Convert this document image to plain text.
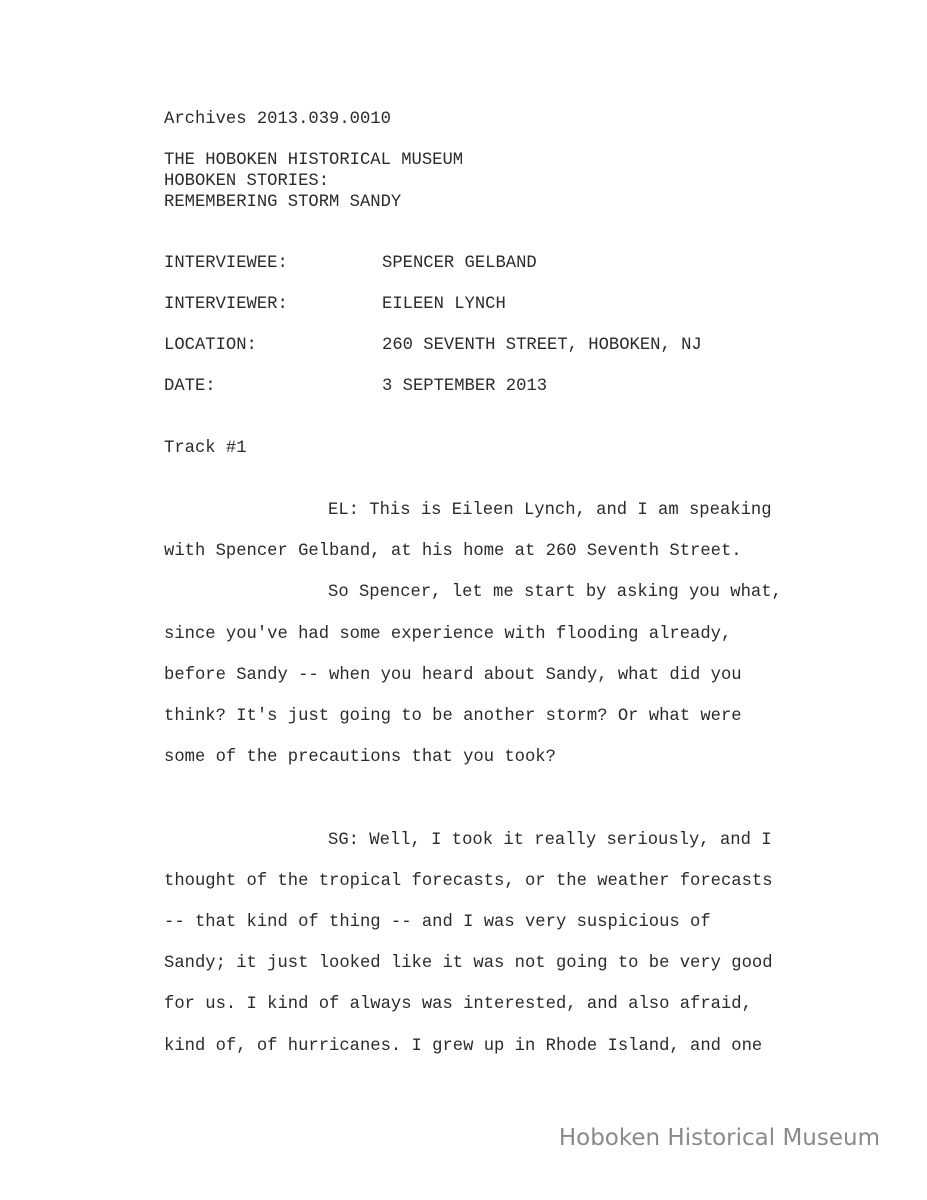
Archives 2013.039.0010
THE HOBOKEN HISTORICAL MUSEUM
HOBOKEN STORIES:
REMEMBERING STORM SANDY
INTERVIEWEE:	SPENCER GELBAND
INTERVIEWER:	EILEEN LYNCH
LOCATION:	260 SEVENTH STREET, HOBOKEN, NJ
DATE:	3 SEPTEMBER 2013
Track #1
EL: This is Eileen Lynch, and I am speaking
with Spencer Gelband, at his home at 260 Seventh Street.
So Spencer, let me start by asking you what,
since you've had some experience with flooding already,
before Sandy -- when you heard about Sandy, what did you
think? It's just going to be another storm? Or what were
some of the precautions that you took?
SG: Well, I took it really seriously, and I
thought of the tropical forecasts, or the weather forecasts
-- that kind of thing -- and I was very suspicious of
Sandy; it just looked like it was not going to be very good
for us. I kind of always was interested, and also afraid,
kind of, of hurricanes. I grew up in Rhode Island, and one
Hoboken Historical Museum
